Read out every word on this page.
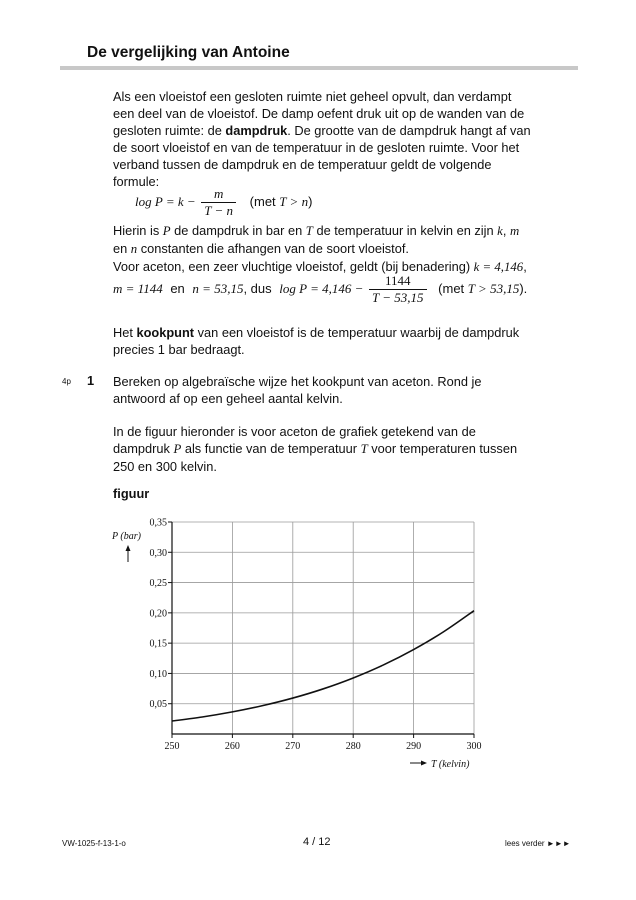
De vergelijking van Antoine
Als een vloeistof een gesloten ruimte niet geheel opvult, dan verdampt
een deel van de vloeistof. De damp oefent druk uit op de wanden van de
gesloten ruimte: de dampdruk. De grootte van de dampdruk hangt af van
de soort vloeistof en van de temperatuur in de gesloten ruimte. Voor het
verband tussen de dampdruk en de temperatuur geldt de volgende
formule:
$\log P = k - \frac{m}{T - n} (met$ T > n)
Hierin is P de dampdruk in bar en T de temperatuur in kelvin en zijn k, m
en n constanten die afhangen van de soort vloeistof.
Voor aceton, een zeer vluchtige vloeistof, geldt (bij benadering) k = 4,146,
m = 1144 en n = 53,15, dus $\log P = 4,146 - \frac{1144}{T - 53,15} (met$ T > 53,15).
Het kookpunt van een vloeistof is de temperatuur waarbij de dampdruk
precies 1 bar bedraagt.
4p 1 Bereken op algebraïsche wijze het kookpunt van aceton. Rond je
antwoord af op een geheel aantal kelvin.
In de figuur hieronder is voor aceton de grafiek getekend van de
dampdruk P als functie van de temperatuur T voor temperaturen tussen
250 en 300 kelvin.
figuur
0,05
0,10
0,15
0,20
0,25
0,30
0,35
250	260	270	280	290	300
P (bar)
T (kelvin)
VW-1025-f-13-1-o	4 / 12	lees verder ►►►
